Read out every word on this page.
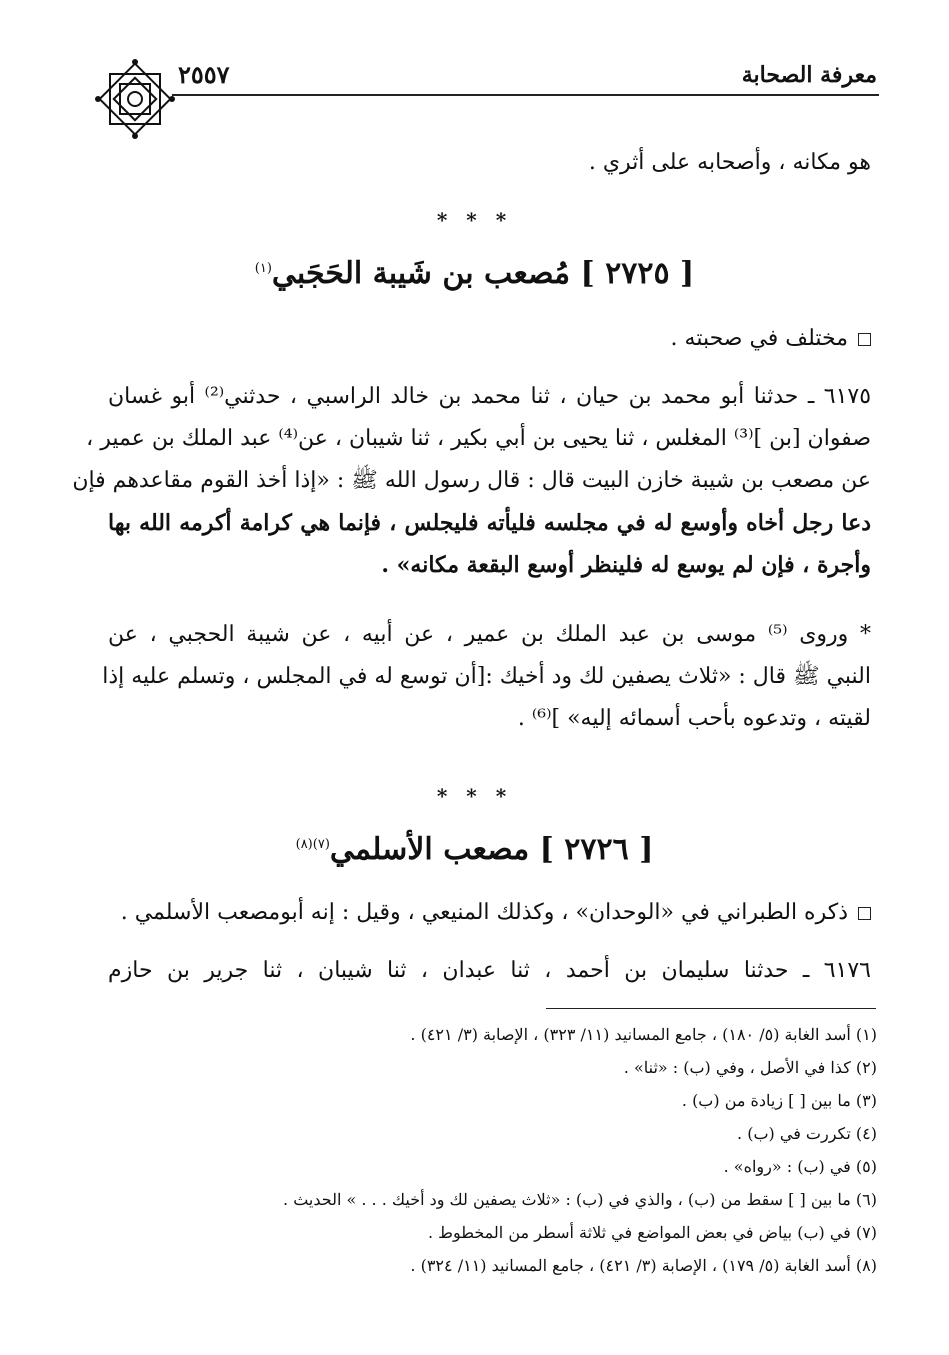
معرفة الصحابة
٢٥٥٧
هو مكانه ، وأصحابه على أثري .
* * *
[ ٢٧٢٥ ] مُصعب بن شَيبة الحَجَبي$^{(١)}$
مختلف في صحبته .
٦١٧٥ ـ حدثنا أبو محمد بن حيان ، ثنا محمد بن خالد الراسبي ، حدثني⁽²⁾ أبو غسان
صفوان [بن ]⁽³⁾ المغلس ، ثنا يحيى بن أبي بكير ، ثنا شيبان ، عن⁽⁴⁾ عبد الملك بن عمير ،
عن مصعب بن شيبة خازن البيت قال : قال رسول الله ﷺ : «إذا أخذ القوم مقاعدهم فإن
دعا رجل أخاه وأوسع له في مجلسه فليأته فليجلس ، فإنما هي كرامة أكرمه الله بها
وأجرة ، فإن لم يوسع له فلينظر أوسع البقعة مكانه» .
* وروى ⁽⁵⁾ موسى بن عبد الملك بن عمير ، عن أبيه ، عن شيبة الحجبي ، عن
النبي ﷺ قال : «ثلاث يصفين لك ود أخيك :[أن توسع له في المجلس ، وتسلم عليه إذا
لقيته ، وتدعوه بأحب أسمائه إليه» ]⁽⁶⁾ .
* * *
[ ٢٧٢٦ ] مصعب الأسلمي$^{(٧)(٨)}$
ذكره الطبراني في «الوحدان» ، وكذلك المنيعي ، وقيل : إنه أبومصعب الأسلمي .
٦١٧٦ ـ حدثنا سليمان بن أحمد ، ثنا عبدان ، ثنا شيبان ، ثنا جرير بن حازم
(١) أسد الغابة (٥/ ١٨٠) ، جامع المسانيد (١١/ ٣٢٣) ، الإصابة (٣/ ٤٢١) .
(٢) كذا في الأصل ، وفي (ب) : «ثنا» .
(٣) ما بين [ ] زيادة من (ب) .
(٤) تكررت في (ب) .
(٥) في (ب) : «رواه» .
(٦) ما بين [ ] سقط من (ب) ، والذي في (ب) : «ثلاث يصفين لك ود أخيك . . . » الحديث .
(٧) في (ب) بياض في بعض المواضع في ثلاثة أسطر من المخطوط .
(٨) أسد الغابة (٥/ ١٧٩) ، الإصابة (٣/ ٤٢١) ، جامع المسانيد (١١/ ٣٢٤) .
